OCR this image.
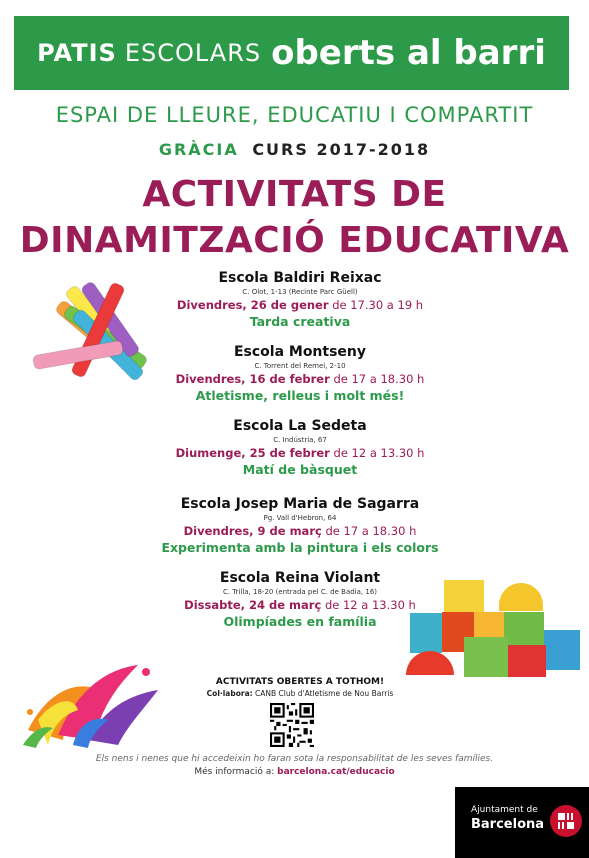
PATIS ESCOLARS oberts al barri
ESPAI DE LLEURE, EDUCATIU I COMPARTIT
GRÀCIA CURS 2017-2018
ACTIVITATS DE
DINAMITZACIÓ EDUCATIVA
Escola Baldiri Reixac
C. Olot, 1-13 (Recinte Parc Güell)
Divendres, 26 de gener de 17.30 a 19 h
Tarda creativa
Escola Montseny
C. Torrent del Remei, 2-10
Divendres, 16 de febrer de 17 a 18.30 h
Atletisme, relleus i molt més!
Escola La Sedeta
C. Indústria, 67
Diumenge, 25 de febrer de 12 a 13.30 h
Matí de bàsquet
Escola Josep Maria de Sagarra
Pg. Vall d'Hebron, 64
Divendres, 9 de març de 17 a 18.30 h
Experimenta amb la pintura i els colors
Escola Reina Violant
C. Trilla, 18-20 (entrada pel C. de Badia, 16)
Dissabte, 24 de març de 12 a 13.30 h
Olimpíades en família
ACTIVITATS OBERTES A TOTHOM!
Col·labora: CANB Club d'Atletisme de Nou Barris
Els nens i nenes que hi accedeixin ho faran sota la responsabilitat de les seves famílies.
Més informació a: barcelona.cat/educacio
Ajuntament de
Barcelona
